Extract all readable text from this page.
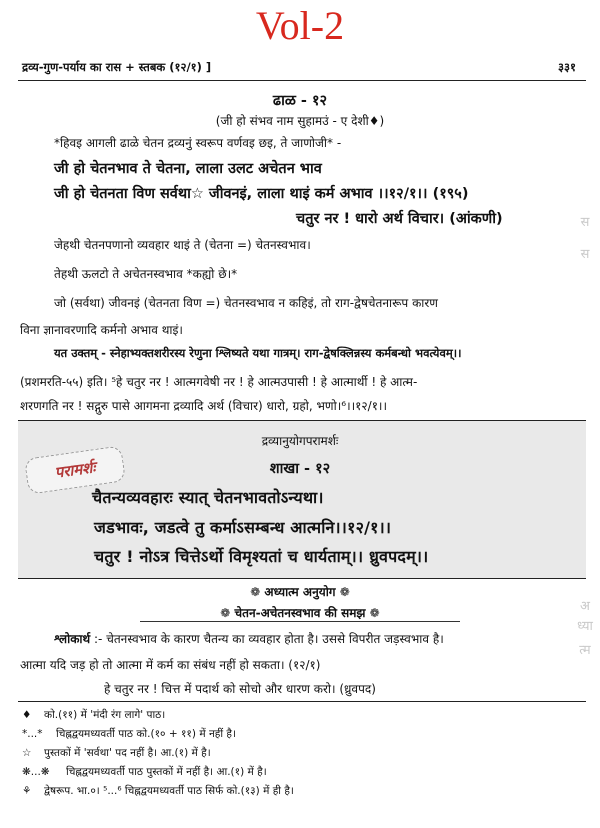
Vol-2
द्रव्य-गुण-पर्याय का रास + स्तबक (१२/१) ]	३३१
ढाळ - १२
(जी हो संभव नाम सुहामउं - ए देशी♦)
*हिवइ आगली ढाळे चेतन द्रव्यनुं स्वरूप वर्णवइ छइ, ते जाणोजी* -
जी हो चेतनभाव ते चेतना, लाला उलट अचेतन भाव
जी हो चेतनता विण सर्वथा☆ जीवनइं, लाला थाइं कर्म अभाव ।।१२/१।। (१९५)
चतुर नर ! धारो अर्थ विचार। (आंकणी)
जेहथी चेतनपणानो व्यवहार थाइं ते (चेतना =) चेतनस्वभाव।
तेहथी ऊलटो ते अचेतनस्वभाव *कह्यो छे।*
जो (सर्वथा) जीवनइं (चेतनता विण =) चेतनस्वभाव न कहिइं, तो राग-द्वेषचेतनारूप कारण
विना ज्ञानावरणादि कर्मनो अभाव थाइं।
यत उक्तम् - स्नेहाभ्यक्तशरीरस्य रेणुना श्लिष्यते यथा गात्रम्। राग-द्वेषक्लिन्नस्य कर्मबन्धो भवत्येवम्।।
(प्रशमरति-५५) इति। ⁵हे चतुर नर ! आत्मगवेषी नर ! हे आत्मउपासी ! हे आत्मार्थी ! हे आत्म-
शरणगति नर ! सद्गुरु पासे आगमना द्रव्यादि अर्थ (विचार) धारो, ग्रहो, भणो।⁶।।१२/१।।
परामर्शः
द्रव्यानुयोगपरामर्शः
शाखा - १२
चैतन्यव्यवहारः स्यात् चेतनभावतोऽन्यथा।
जडभावः, जडत्वे तु कर्माऽसम्बन्ध आत्मनि।।१२/१।।
चतुर ! नोऽत्र चित्तेऽर्थो विमृश्यतां च धार्यताम्।। ध्रुवपदम्।।
❁ अध्यात्म अनुयोग ❁
❁ चेतन-अचेतनस्वभाव की समझ ❁
श्लोकार्थ :- चेतनस्वभाव के कारण चैतन्य का व्यवहार होता है। उससे विपरीत जड़स्वभाव है।
आत्मा यदि जड़ हो तो आत्मा में कर्म का संबंध नहीं हो सकता। (१२/१)
हे चतुर नर ! चित्त में पदार्थ को सोचो और धारण करो। (ध्रुवपद)
♦ को.(११) में 'मंदी रंग लागे' पाठ।
*...* चिह्नद्वयमध्यवर्ती पाठ को.(१० + ११) में नहीं है।
☆ पुस्तकों में 'सर्वथा' पद नहीं है। आ.(१) में है।
❋...❋ चिह्नद्वयमध्यवर्ती पाठ पुस्तकों में नहीं है। आ.(१) में है।
⚘ द्वेषरूप. भा.०। ⁵...⁶ चिह्नद्वयमध्यवर्ती पाठ सिर्फ को.(१३) में ही है।
स
स
अ
ध्या
त्म
